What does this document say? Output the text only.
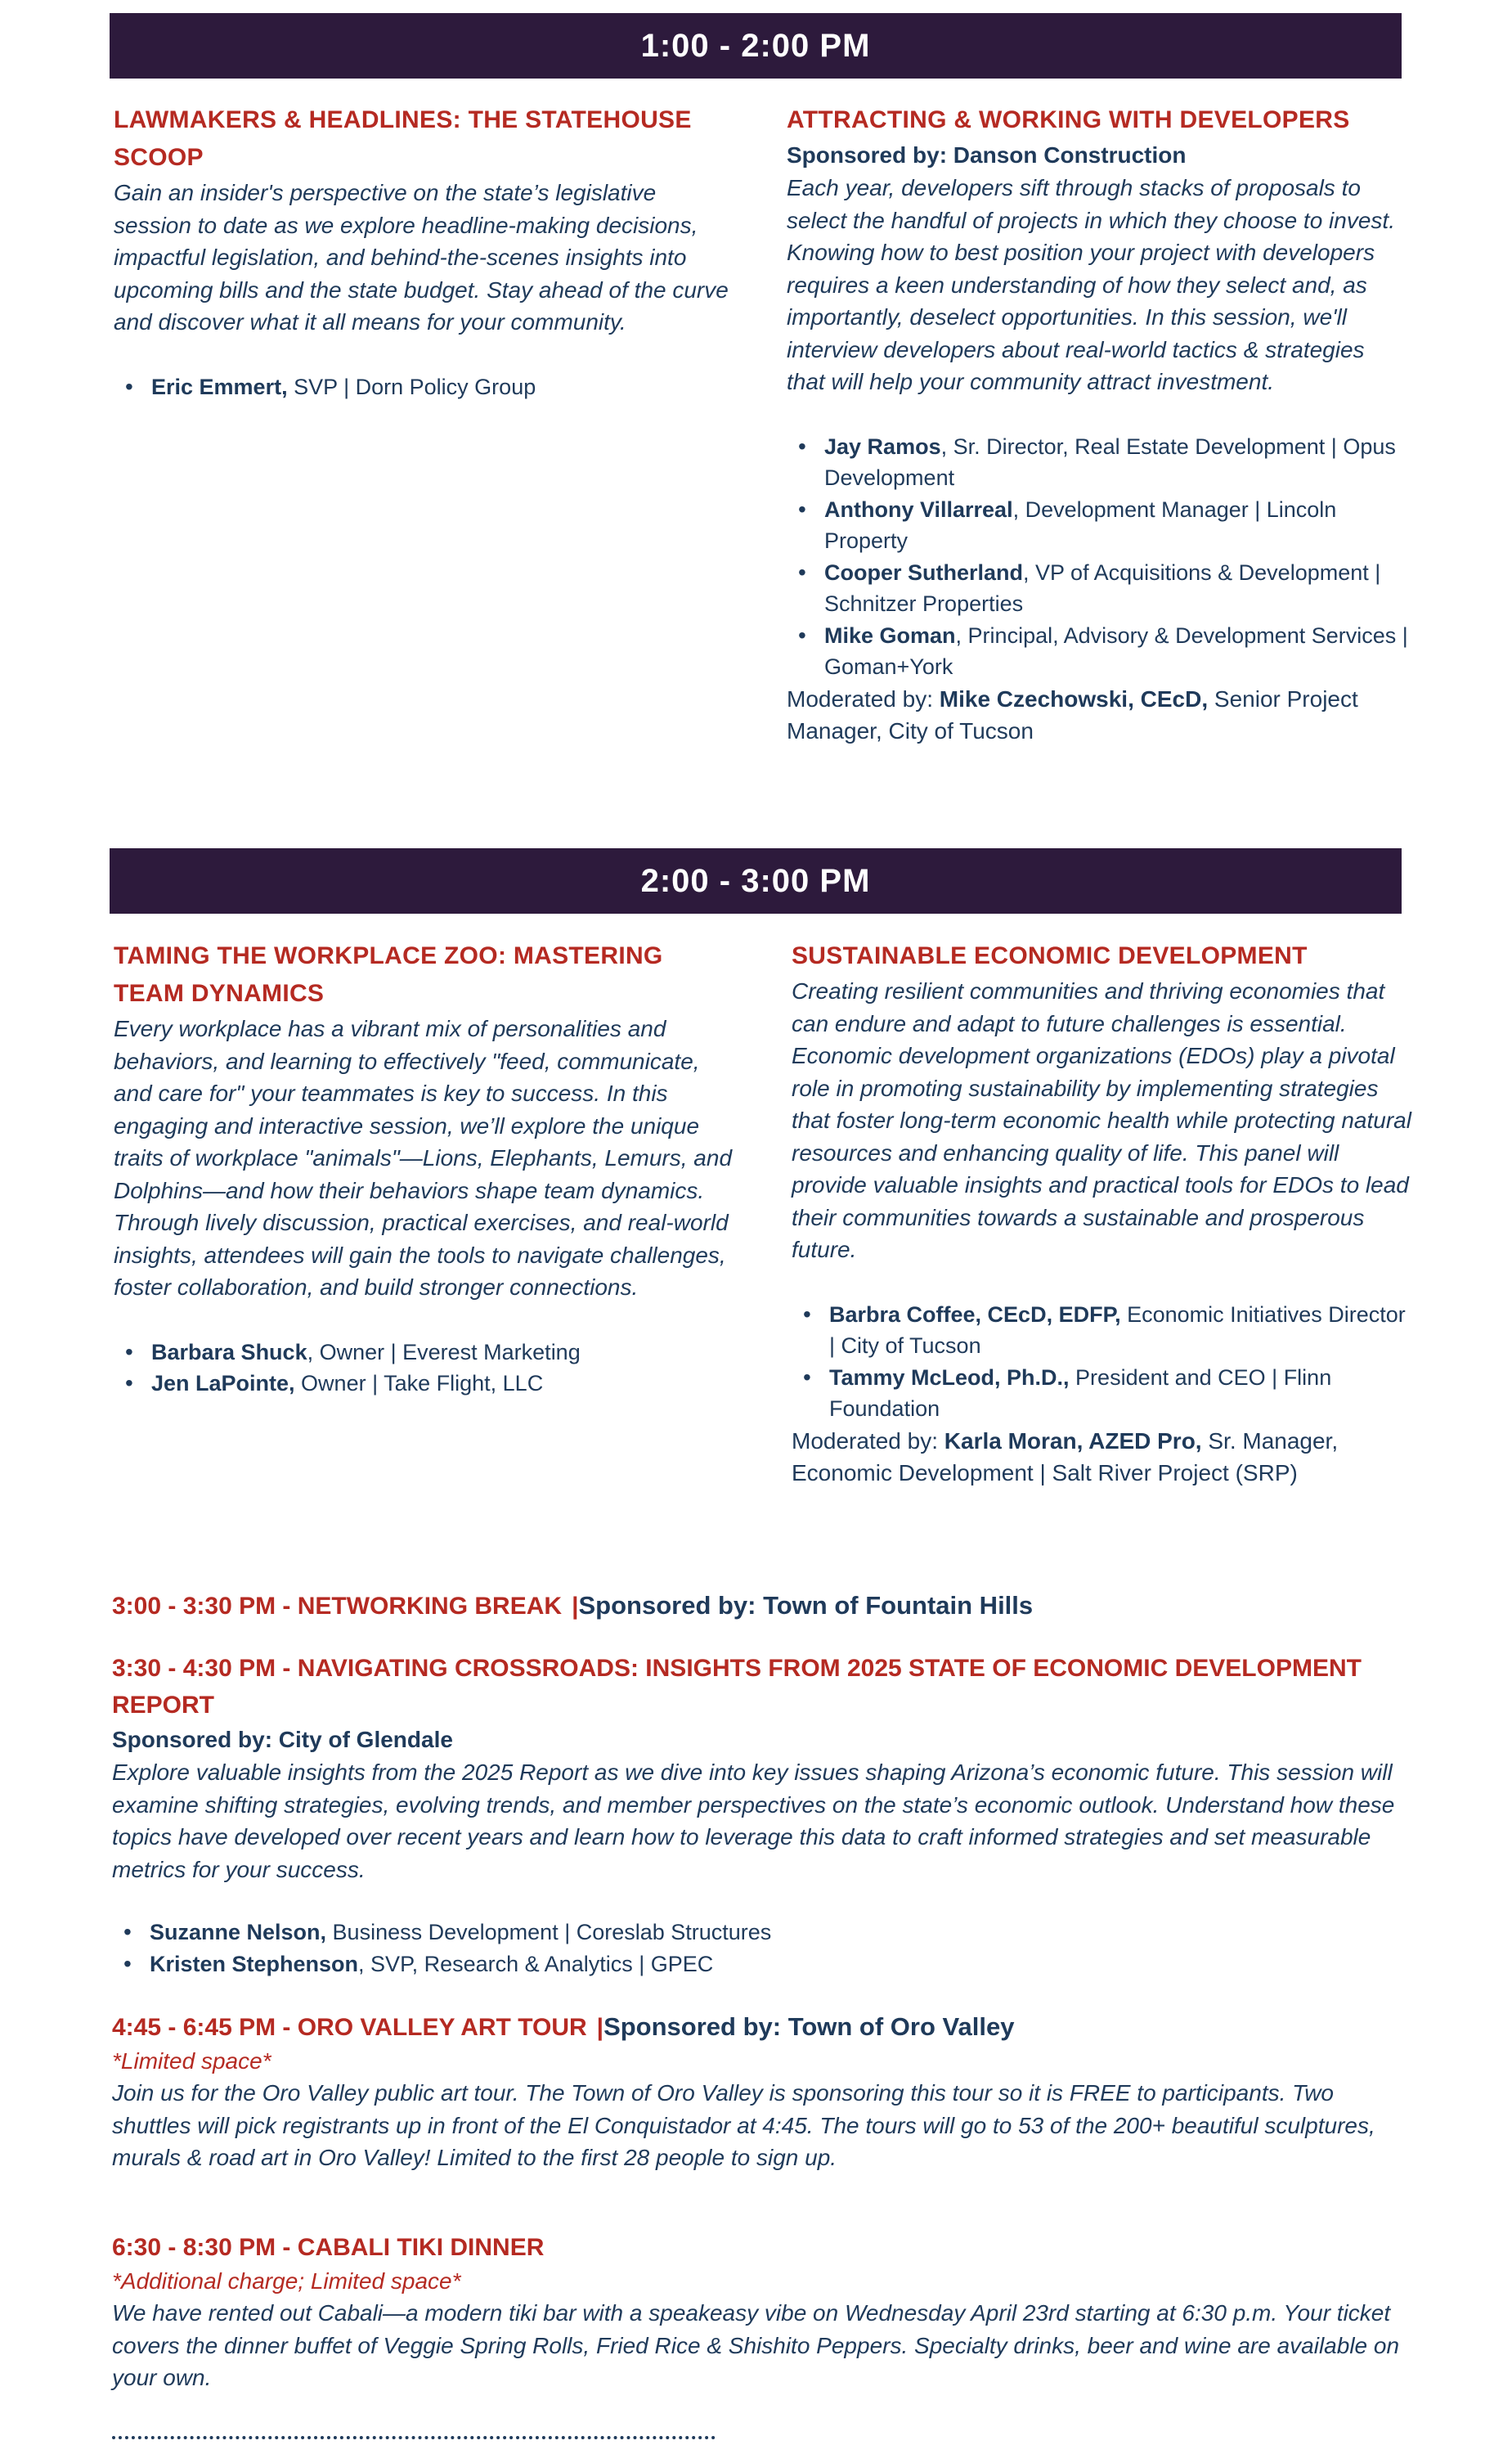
1:00 - 2:00 PM
LAWMAKERS & HEADLINES: THE STATEHOUSE SCOOP
Gain an insider's perspective on the state’s legislative session to date as we explore headline-making decisions, impactful legislation, and behind-the-scenes insights into upcoming bills and the state budget. Stay ahead of the curve and discover what it all means for your community.
• Eric Emmert, SVP | Dorn Policy Group
ATTRACTING & WORKING WITH DEVELOPERS
Sponsored by: Danson Construction
Each year, developers sift through stacks of proposals to select the handful of projects in which they choose to invest. Knowing how to best position your project with developers requires a keen understanding of how they select and, as importantly, deselect opportunities. In this session, we'll interview developers about real-world tactics & strategies that will help your community attract investment.
• Jay Ramos, Sr. Director, Real Estate Development | Opus Development
• Anthony Villarreal, Development Manager | Lincoln Property
• Cooper Sutherland, VP of Acquisitions & Development | Schnitzer Properties
• Mike Goman, Principal, Advisory & Development Services | Goman+York
Moderated by: Mike Czechowski, CEcD, Senior Project Manager, City of Tucson
2:00 - 3:00 PM
TAMING THE WORKPLACE ZOO: MASTERING TEAM DYNAMICS
Every workplace has a vibrant mix of personalities and behaviors, and learning to effectively "feed, communicate, and care for" your teammates is key to success. In this engaging and interactive session, we’ll explore the unique traits of workplace "animals"—Lions, Elephants, Lemurs, and Dolphins—and how their behaviors shape team dynamics. Through lively discussion, practical exercises, and real-world insights, attendees will gain the tools to navigate challenges, foster collaboration, and build stronger connections.
• Barbara Shuck, Owner | Everest Marketing
• Jen LaPointe, Owner | Take Flight, LLC
SUSTAINABLE ECONOMIC DEVELOPMENT
Creating resilient communities and thriving economies that can endure and adapt to future challenges is essential. Economic development organizations (EDOs) play a pivotal role in promoting sustainability by implementing strategies that foster long-term economic health while protecting natural resources and enhancing quality of life. This panel will provide valuable insights and practical tools for EDOs to lead their communities towards a sustainable and prosperous future.
• Barbra Coffee, CEcD, EDFP, Economic Initiatives Director | City of Tucson
• Tammy McLeod, Ph.D., President and CEO | Flinn Foundation
Moderated by: Karla Moran, AZED Pro, Sr. Manager, Economic Development | Salt River Project (SRP)
3:00 - 3:30 PM - NETWORKING BREAK |Sponsored by: Town of Fountain Hills
3:30 - 4:30 PM - NAVIGATING CROSSROADS: INSIGHTS FROM 2025 STATE OF ECONOMIC DEVELOPMENT REPORT
Sponsored by: City of Glendale
Explore valuable insights from the 2025 Report as we dive into key issues shaping Arizona’s economic future. This session will examine shifting strategies, evolving trends, and member perspectives on the state’s economic outlook. Understand how these topics have developed over recent years and learn how to leverage this data to craft informed strategies and set measurable metrics for your success.
• Suzanne Nelson, Business Development | Coreslab Structures
• Kristen Stephenson, SVP, Research & Analytics | GPEC
4:45 - 6:45 PM - ORO VALLEY ART TOUR |Sponsored by: Town of Oro Valley
*Limited space*
Join us for the Oro Valley public art tour. The Town of Oro Valley is sponsoring this tour so it is FREE to participants. Two shuttles will pick registrants up in front of the El Conquistador at 4:45. The tours will go to 53 of the 200+ beautiful sculptures, murals & road art in Oro Valley! Limited to the first 28 people to sign up.
6:30 - 8:30 PM - CABALI TIKI DINNER
*Additional charge; Limited space*
We have rented out Cabali—a modern tiki bar with a speakeasy vibe on Wednesday April 23rd starting at 6:30 p.m. Your ticket covers the dinner buffet of Veggie Spring Rolls, Fried Rice & Shishito Peppers. Specialty drinks, beer and wine are available on your own.
